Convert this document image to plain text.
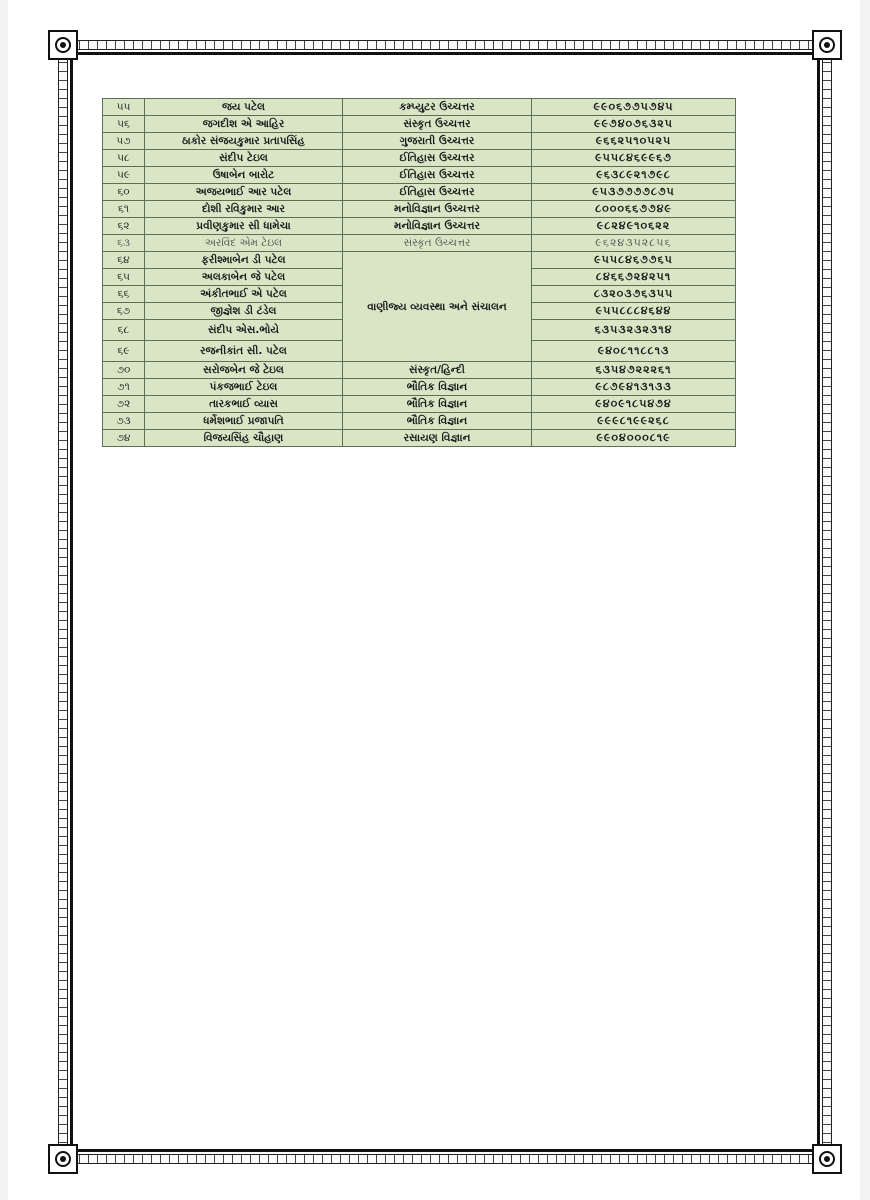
૫૫	જય પટેલ	કમ્પ્યુટર ઉચ્ચત્તર	૯૯૦૬૭૭૫૭૪૫
૫૬	જગદીશ એ આહિર	સંસ્કૃત ઉચ્ચત્તર	૯૯૭૪૦૭૬૩૨૫
૫૭	ઠાકોર સંજયકુમાર પ્રતાપસિંહ	ગુજરાતી ઉચ્ચત્તર	૯૬૬૨૫૧૦૫૨૫
૫૮	સંદીપ ટેઇલ	ઈતિહાસ ઉચ્ચત્તર	૯૫૫૮૪૬૯૯૬૭
૫૯	ઉષાબેન બારોટ	ઈતિહાસ ઉચ્ચત્તર	૯૬૩૮૯૨૧૭૯૮
૬૦	અજયભાઈ આર પટેલ	ઈતિહાસ ઉચ્ચત્તર	૯૫૩૭૭૭૭૮૭૫
૬૧	દોશી રવિકુમાર આર	મનોવિજ્ઞાન ઉચ્ચત્તર	૮૦૦૦૬૬૭૭૪૯
૬૨	પ્રવીણકુમાર સી ધામેચા	મનોવિજ્ઞાન ઉચ્ચત્તર	૯૮૨૪૯૧૦૬૨૨
૬૩	અરવિંદ એમ ટેઇલ	સંસ્કૃત ઉચ્ચત્તર	૯૬૨૪૩૫૨૮૫૬
૬૪	ફરીશ્માબેન ડી પટેલ	વાણીજ્ય વ્યવસ્થા અને સંચાલન	૯૫૫૮૪૬૭૭૬૫
૬૫	અલકાબેન જે પટેલ		૮૪૬૬૭૨૪૨૫૧
૬૬	અંકીતભાઈ એ પટેલ		૮૩૨૦૩૭૬૩૫૫
૬૭	જીજ્ઞેશ ડી ટંડેલ		૯૫૫૮૮૮૪૬૪૪
૬૮	સંદીપ એસ.ભોયે		૬૩૫૩૨૩૨૩૧૪
૬૯	રજનીકાંત સી. પટેલ		૯૪૦૮૧૧૮૮૧૩
૭૦	સરોજબેન જે ટેઇલ	સંસ્કૃત/હિન્દી	૬૩૫૪૭૨૨૨૬૧
૭૧	પંકજભાઈ ટેઇલ	ભૌતિક વિજ્ઞાન	૯૮૭૯૪૧૩૧૩૩
૭૨	તારકભાઈ વ્યાસ	ભૌતિક વિજ્ઞાન	૯૪૦૯૧૮૫૪૭૪
૭૩	ધર્મેશભાઈ પ્રજાપતિ	ભૌતિક વિજ્ઞાન	૯૯૯૮૧૯૯૨૬૮
૭૪	વિજયસિંહ ચૌહાણ	રસાયણ વિજ્ઞાન	૯૯૦૪૦૦૦૮૧૯
